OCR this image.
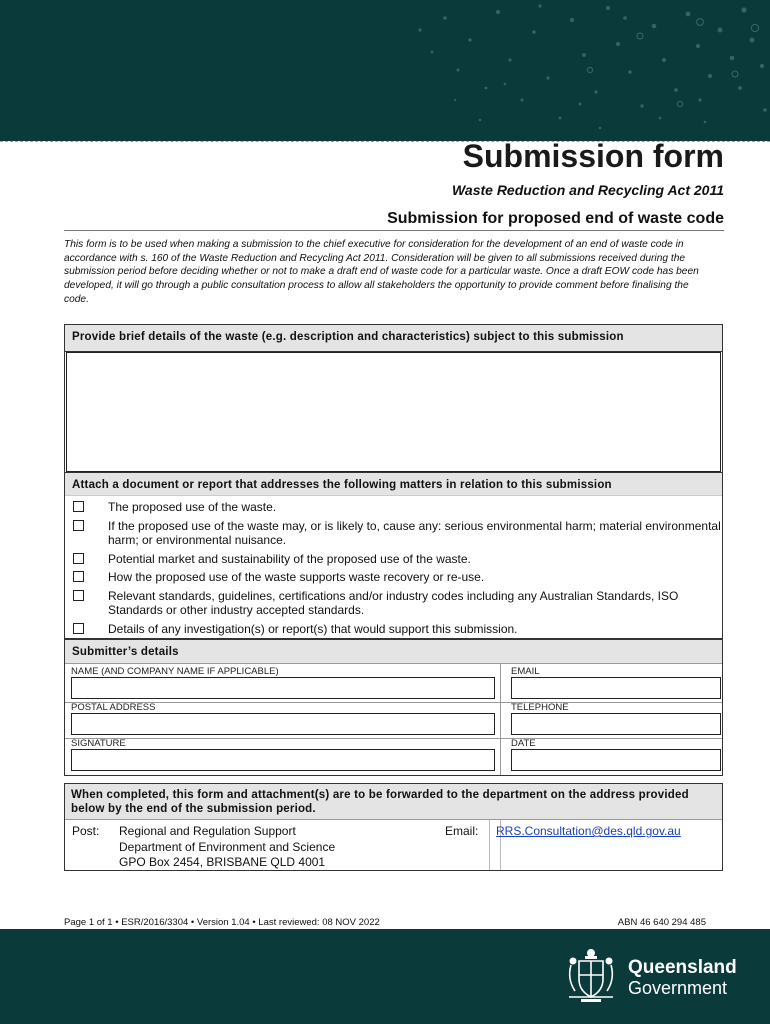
Submission form
Waste Reduction and Recycling Act 2011
Submission for proposed end of waste code

This form is to be used when making a submission to the chief executive for consideration for the development of an end of waste code in accordance with s. 160 of the Waste Reduction and Recycling Act 2011. Consideration will be given to all submissions received during the submission period before deciding whether or not to make a draft end of waste code for a particular waste. Once a draft EOW code has been developed, it will go through a public consultation process to allow all stakeholders the opportunity to provide comment before finalising the code.

Provide brief details of the waste (e.g. description and characteristics) subject to this submission
Attach a document or report that addresses the following matters in relation to this submission
The proposed use of the waste.
If the proposed use of the waste may, or is likely to, cause any: serious environmental harm; material environmental harm; or environmental nuisance.
Potential market and sustainability of the proposed use of the waste.
How the proposed use of the waste supports waste recovery or re-use.
Relevant standards, guidelines, certifications and/or industry codes including any Australian Standards, ISO Standards or other industry accepted standards.
Details of any investigation(s) or report(s) that would support this submission.
Submitter’s details
NAME (AND COMPANY NAME IF APPLICABLE)	EMAIL
POSTAL ADDRESS	TELEPHONE
SIGNATURE	DATE
When completed, this form and attachment(s) are to be forwarded to the department on the address provided below by the end of the submission period.
Post: Regional and Regulation Support
Department of Environment and Science
GPO Box 2454, BRISBANE QLD 4001
Email: RRS.Consultation@des.qld.gov.au
Page 1 of 1 • ESR/2016/3304 • Version 1.04 • Last reviewed: 08 NOV 2022	ABN 46 640 294 485
Queensland
Government
